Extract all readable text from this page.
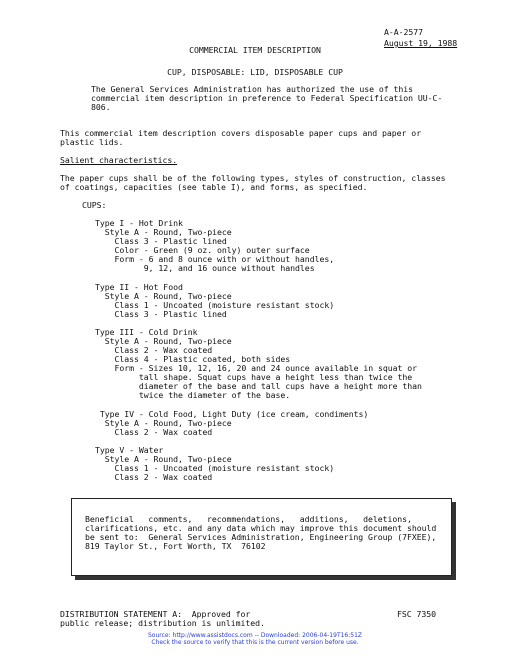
A-A-2577
August 19, 1988
COMMERCIAL ITEM DESCRIPTION
CUP, DISPOSABLE: LID, DISPOSABLE CUP
The General Services Administration has authorized the use of this
commercial item description in preference to Federal Specification UU-C-
806.
This commercial item description covers disposable paper cups and paper or
plastic lids.
Salient characteristics.
The paper cups shall be of the following types, styles of construction, classes
of coatings, capacities (see table I), and forms, as specified.
CUPS:
Type I - Hot Drink
Style A - Round, Two-piece
Class 3 - Plastic lined
Color - Green (9 oz. only) outer surface
Form - 6 and 8 ounce with or without handles,
9, 12, and 16 ounce without handles
Type II - Hot Food
Style A - Round, Two-piece
Class 1 - Uncoated (moisture resistant stock)
Class 3 - Plastic lined
Type III - Cold Drink
Style A - Round, Two-piece
Class 2 - Wax coated
Class 4 - Plastic coated, both sides
Form - Sizes 10, 12, 16, 20 and 24 ounce available in squat or
tall shape. Squat cups have a height less than twice the
diameter of the base and tall cups have a height more than
twice the diameter of the base.
Type IV - Cold Food, Light Duty (ice cream, condiments)
Style A - Round, Two-piece
Class 2 - Wax coated
Type V - Water
Style A - Round, Two-piece
Class 1 - Uncoated (moisture resistant stock)
Class 2 - Wax coated
Beneficial   comments,   recommendations,   additions,   deletions,
clarifications, etc. and any data which may improve this document should
be sent to:  General Services Administration, Engineering Group (7FXEE),
819 Taylor St., Fort Worth, TX  76102
DISTRIBUTION STATEMENT A:  Approved for
public release; distribution is unlimited.
FSC 7350
Source: http://www.assistdocs.com -- Downloaded: 2006-04-19T16:51Z
Check the source to verify that this is the current version before use.
